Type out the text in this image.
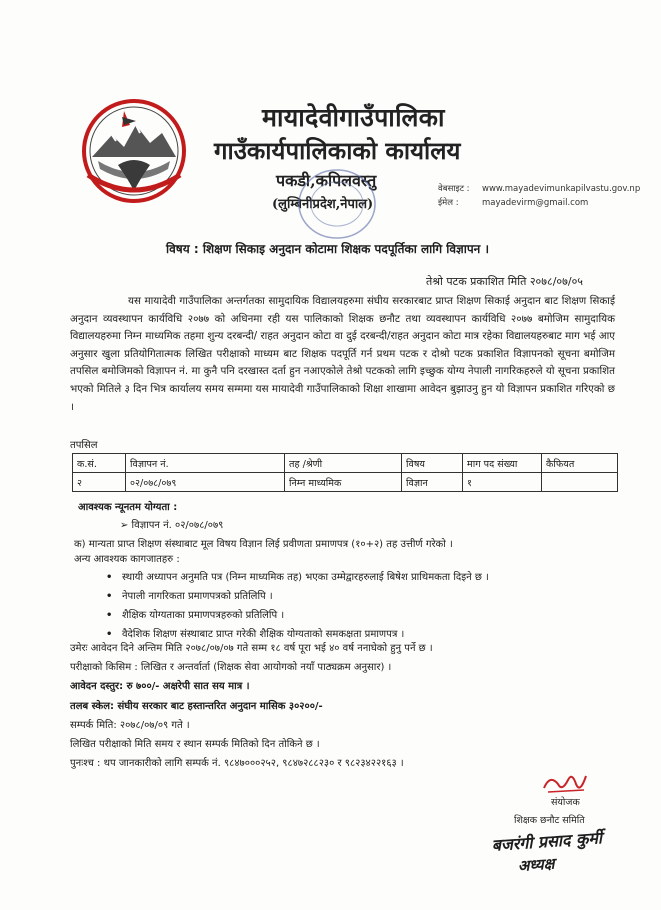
मायादेवीगाउँपालिका
गाउँकार्यपालिकाको कार्यालय
पकडी,कपिलवस्तु
(लुम्बिनीप्रदेश,नेपाल)
वेबसाइट : www.mayadevimunkapilvastu.gov.np
ईमेल :	mayadevirm@gmail.com
विषय : शिक्षण सिकाइ अनुदान कोटामा शिक्षक पदपूर्तिका लागि विज्ञापन ।
तेश्रो पटक प्रकाशित मिति २०७८/०७/०५
यस मायादेवी गाउँपालिका अन्तर्गतका सामुदायिक विद्यालयहरुमा संघीय सरकारबाट प्राप्त शिक्षण सिकाई अनुदान बाट शिक्षण सिकाई अनुदान व्यवस्थापन कार्यविधि २०७७ को अधिनमा रही यस पालिकाको शिक्षक छनौट तथा व्यवस्थापन कार्यविधि २०७७ बमोजिम सामुदायिक विद्यालयहरुमा निम्न माध्यमिक तहमा शुन्य दरबन्दी/ राहत अनुदान कोटा वा दुई दरबन्दी/राहत अनुदान कोटा मात्र रहेका विद्यालयहरुबाट माग भई आए अनुसार खुला प्रतियोगितात्मक लिखित परीक्षाको माध्यम बाट शिक्षक पदपूर्ति गर्न प्रथम पटक र दोश्रो पटक प्रकाशित विज्ञापनको सूचना बमोजिम तपसिल बमोजिमको विज्ञापन नं. मा कुनै पनि दरखास्त दर्ता हुन नआएकोले तेश्रो पटकको लागि इच्छुक योग्य नेपाली नागरिकहरुले यो सूचना प्रकाशित भएको मितिले ३ दिन भित्र कार्यालय समय सम्ममा यस मायादेवी गाउँपालिकाको शिक्षा शाखामा आवेदन बुझाउनु हुन यो विज्ञापन प्रकाशित गरिएको छ ।
तपसिल
क.सं.	विज्ञापन नं.	तह /श्रेणी	विषय	माग पद संख्या	कैफियत
२	०२/०७८/०७९	निम्न माध्यमिक	विज्ञान	१	
आवश्यक न्यूनतम योग्यता :
➢ विज्ञापन नं. ०२/०७८/०७९
क) मान्यता प्राप्त शिक्षण संस्थाबाट मूल विषय विज्ञान लिई प्रवीणता प्रमाणपत्र (१०+२) तह उत्तीर्ण गरेको ।
अन्य आवश्यक कागजातहरु :
• स्थायी अध्यापन अनुमति पत्र (निम्न माध्यमिक तह) भएका उम्मेद्वारहरुलाई बिषेश प्राथिमकता दिइने छ ।
• नेपाली नागरिकता प्रमाणपत्रको प्रतिलिपि ।
• शैक्षिक योग्यताका प्रमाणपत्रहरुको प्रतिलिपि ।
• वैदेशिक शिक्षण संस्थाबाट प्राप्त गरेकी शैक्षिक योग्यताको समकक्षता प्रमाणपत्र ।
उमेरः आवेदन दिने अन्तिम मिति २०७८/०७/०७ गते सम्म १८ वर्ष पूरा भई ४० वर्ष ननाघेको हुनु पर्ने छ ।
परीक्षाको किसिम : लिखित र अन्तर्वार्ता (शिक्षक सेवा आयोगको नयाँ पाठ्यक्रम अनुसार) ।
आवेदन दस्तुर: रु ७००/- अक्षरेपी सात सय मात्र ।
तलब स्केल: संघीय सरकार बाट हस्तान्तरित अनुदान मासिक ३०२००/-
सम्पर्क मिति: २०७८/०७/०९ गते ।
लिखित परीक्षाको मिति समय र स्थान सम्पर्क मितिको दिन तोकिने छ ।
पुनःश्च : थप जानकारीको लागि सम्पर्क नं. ९८४७०००२५२, ९८४७२८८२३० र ९८२३४२२१६३ ।
संयोजक
शिक्षक छनौट समिति
बजरंगी प्रसाद कुर्मी
अध्यक्ष
